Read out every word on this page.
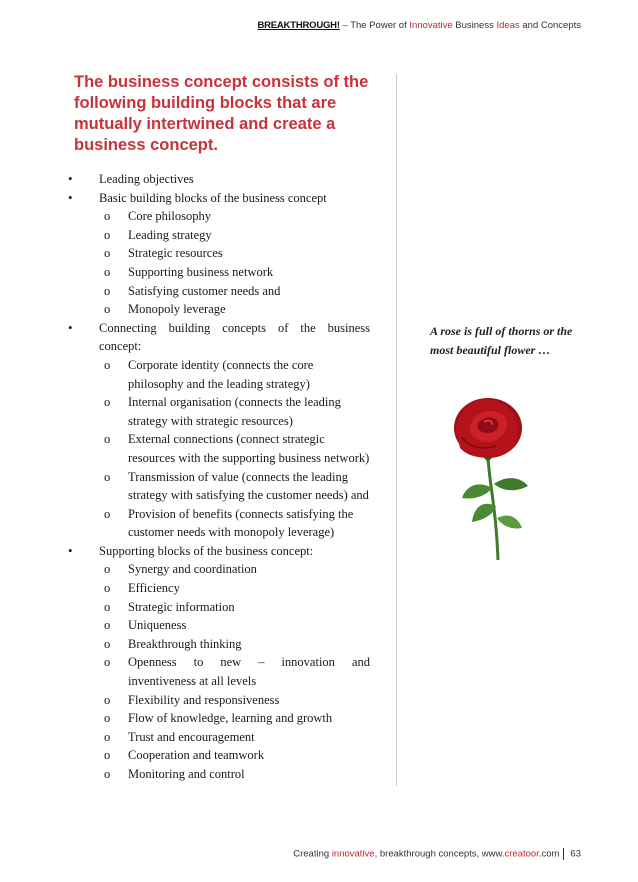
BREAKTHROUGH! – The Power of Innovative Business Ideas and Concepts
The business concept consists of the following building blocks that are mutually intertwined and create a business concept.
• Leading objectives
• Basic building blocks of the business concept
o Core philosophy
o Leading strategy
o Strategic resources
o Supporting business network
o Satisfying customer needs and
o Monopoly leverage
• Connecting building concepts of the business
concept:
o Corporate identity (connects the core philosophy and the leading strategy)
o Internal organisation (connects the leading strategy with strategic resources)
o External connections (connect strategic resources with the supporting business network)
o Transmission of value (connects the leading strategy with satisfying the customer needs) and
o Provision of benefits (connects satisfying the customer needs with monopoly leverage)
• Supporting blocks of the business concept:
o Synergy and coordination
o Efficiency
o Strategic information
o Uniqueness
o Breakthrough thinking
o Openness to new – innovation and
inventiveness at all levels
o Flexibility and responsiveness
o Flow of knowledge, learning and growth
o Trust and encouragement
o Cooperation and teamwork
o Monitoring and control
A rose is full of thorns or the most beautiful flower …
Creating innovative, breakthrough concepts, www.creatoor.com 63
